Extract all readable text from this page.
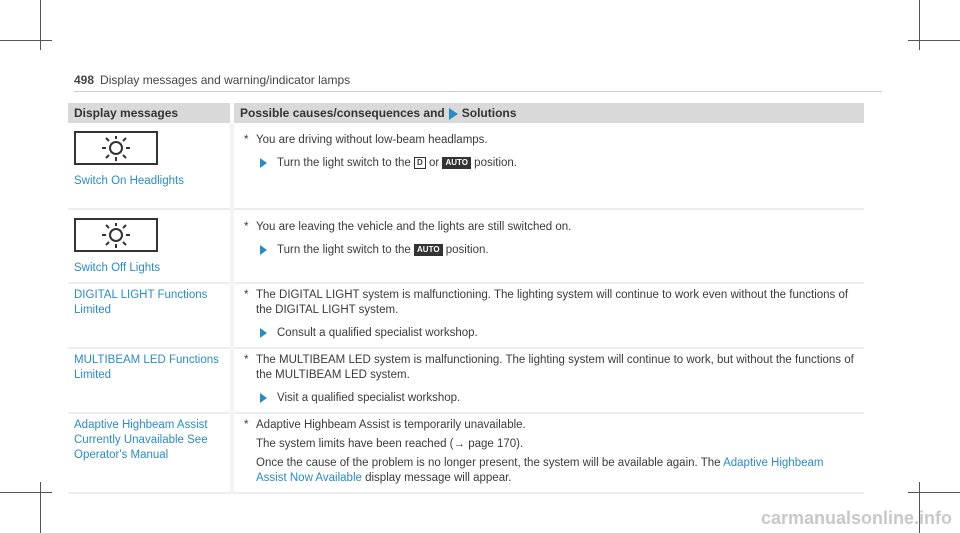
498 Display messages and warning/indicator lamps
Display messages	Possible causes/consequences and Solutions

Switch On Headlights	* You are driving without low-beam headlamps.
Turn the light switch to the D or AUTO position.

Switch Off Lights	* You are leaving the vehicle and the lights are still switched on.
Turn the light switch to the AUTO position.

DIGITAL LIGHT Functions Limited	* The DIGITAL LIGHT system is malfunctioning. The lighting system will continue to work even without the functions of
the DIGITAL LIGHT system.
Consult a qualified specialist workshop.

MULTIBEAM LED Functions Limited	* The MULTIBEAM LED system is malfunctioning. The lighting system will continue to work, but without the functions of
the MULTIBEAM LED system.
Visit a qualified specialist workshop.

Adaptive Highbeam Assist Currently Unavailable See Operator's Manual	* Adaptive Highbeam Assist is temporarily unavailable.
The system limits have been reached (→ page 170).
Once the cause of the problem is no longer present, the system will be available again. The Adaptive Highbeam Assist Now Available display message will appear.
carmanualsonline.info
